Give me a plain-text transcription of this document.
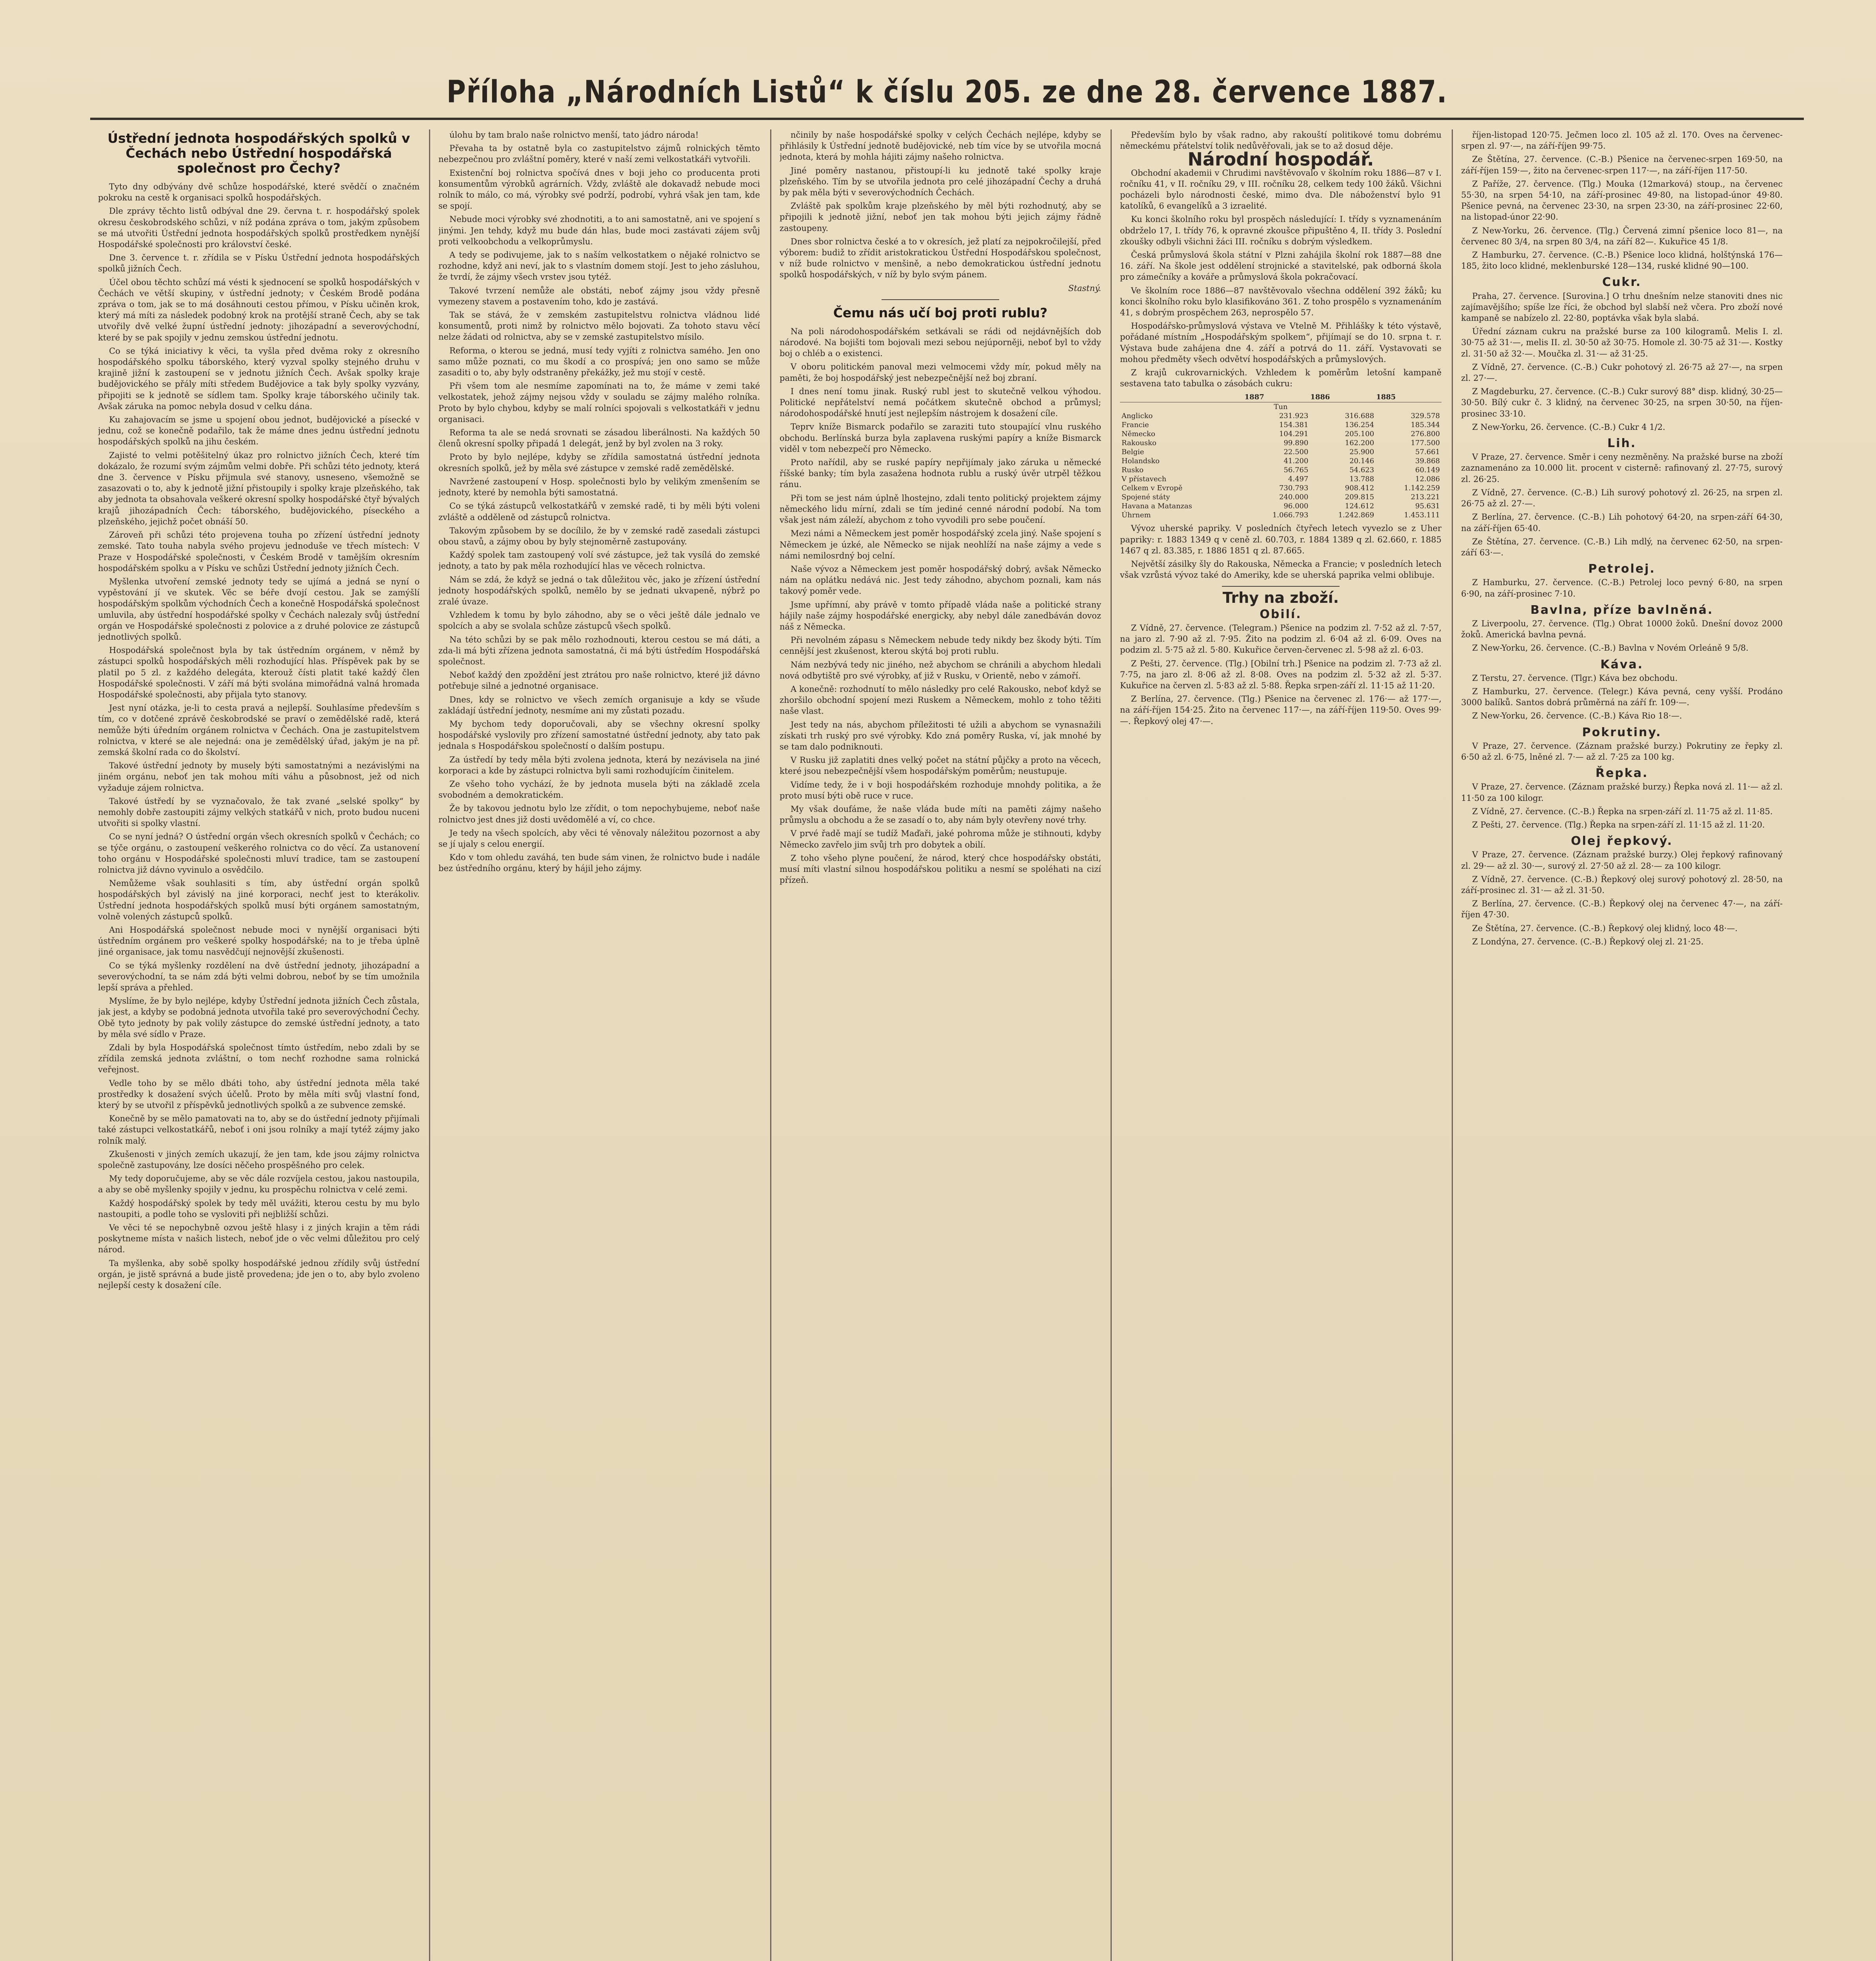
Příloha „Národních Listů“ k číslu 205. ze dne 28. července 1887.
Ústřední jednota hospodářských spolků v Čechách nebo Ústřední hospodářská společnost pro Čechy?

Tyto dny odbývány dvě schůze hospodářské, které svědčí o značném pokroku na cestě k organisaci spolků hospodářských.

Dle zprávy těchto listů odbýval dne 29. června t. r. hospodářský spolek okresu českobrodského schůzi, v níž podána zpráva o tom, jakým způsobem se má utvořiti Ústřední jednota hospodářských spolků prostředkem nynější Hospodářské společnosti pro království české.

Dne 3. července t. r. zřídila se v Písku Ústřední jednota hospodářských spolků jižních Čech.

Účel obou těchto schůzí má vésti k sjednocení se spolků hospodářských v Čechách ve větší skupiny, v ústřední jednoty; v Českém Brodě podána zpráva o tom, jak se to má dosáhnouti cestou přímou, v Písku učiněn krok, který má míti za následek podobný krok na protější straně Čech, aby se tak utvořily dvě velké župní ústřední jednoty: jihozápadní a severovýchodní, které by se pak spojily v jednu zemskou ústřední jednotu.

Co se týká iniciativy k věci, ta vyšla před dvěma roky z okresního hospodářského spolku táborského, který vyzval spolky stejného druhu v krajině jižní k zastoupení se v jednotu jižních Čech. Avšak spolky kraje budějovického se přály míti středem Budějovice a tak byly spolky vyzvány, připojiti se k jednotě se sídlem tam. Spolky kraje táborského učinily tak. Avšak záruka na pomoc nebyla dosud v celku dána.

Ku zahajovacím se jsme u spojení obou jednot, budějovické a písecké v jednu, což se konečně podařilo, tak že máme dnes jednu ústřední jednotu hospodářských spolků na jihu českém.

Zajisté to velmi potěšitelný úkaz pro rolnictvo jižních Čech, které tím dokázalo, že rozumí svým zájmům velmi dobře. Při schůzi této jednoty, která dne 3. července v Písku přijmula své stanovy, usneseno, všemožně se zasazovati o to, aby k jednotě jižní přistoupily i spolky kraje plzeňského, tak aby jednota ta obsahovala veškeré okresní spolky hospodářské čtyř bývalých krajů jihozápadních Čech: táborského, budějovického, píseckého a plzeňského, jejichž počet obnáší 50.

Zároveň při schůzi této projevena touha po zřízení ústřední jednoty zemské. Tato touha nabyla svého projevu jednoduše ve třech místech: V Praze v Hospodářské společnosti, v Českém Brodě v tamějším okresním hospodářském spolku a v Písku ve schůzi Ústřední jednoty jižních Čech.

Myšlenka utvoření zemské jednoty tedy se ujímá a jedná se nyní o vypěstování jí ve skutek. Věc se béře dvojí cestou. Jak se zamýšlí hospodářským spolkům východních Čech a konečně Hospodářská společnost umluvila, aby ústřední hospodářské spolky v Čechách nalezaly svůj ústřední orgán ve Hospodářské společnosti z polovice a z druhé polovice ze zástupců jednotlivých spolků.

Hospodářská společnost byla by tak ústředním orgánem, v němž by zástupci spolků hospodářských měli rozhodující hlas. Příspěvek pak by se platil po 5 zl. z každého delegáta, kterouž čísti platit také každý člen Hospodářské společnosti. V září má býti svolána mimořádná valná hromada Hospodářské společnosti, aby přijala tyto stanovy.

Jest nyní otázka, je-li to cesta pravá a nejlepší. Souhlasíme především s tím, co v dotčené zprávě českobrodské se praví o zemědělské radě, která nemůže býti úředním orgánem rolnictva v Čechách. Ona je zastupitelstvem rolnictva, v které se ale nejedná: ona je zemědělský úřad, jakým je na př. zemská školní rada co do školství.

Takové ústřední jednoty by musely býti samostatnými a nezávislými na jiném orgánu, neboť jen tak mohou míti váhu a působnost, jež od nich vyžaduje zájem rolnictva.

Takové ústředí by se vyznačovalo, že tak zvané „selské spolky“ by nemohly dobře zastoupiti zájmy velkých statkářů v nich, proto budou nuceni utvořiti si spolky vlastní.

Co se nyní jedná? O ústřední orgán všech okresních spolků v Čechách; co se týče orgánu, o zastoupení veškerého rolnictva co do věcí. Za ustanovení toho orgánu v Hospodářské společnosti mluví tradice, tam se zastoupení rolnictva již dávno vyvinulo a osvědčilo.

Nemůžeme však souhlasiti s tím, aby ústřední orgán spolků hospodářských byl závislý na jiné korporaci, nechť jest to kterákoliv. Ústřední jednota hospodářských spolků musí býti orgánem samostatným, volně volených zástupců spolků.

Ani Hospodářská společnost nebude moci v nynější organisaci býti ústředním orgánem pro veškeré spolky hospodářské; na to je třeba úplně jiné organisace, jak tomu nasvědčují nejnovější zkušenosti.

Co se týká myšlenky rozdělení na dvě ústřední jednoty, jihozápadní a severovýchodní, ta se nám zdá býti velmi dobrou, neboť by se tím umožnila lepší správa a přehled.

Myslíme, že by bylo nejlépe, kdyby Ústřední jednota jižních Čech zůstala, jak jest, a kdyby se podobná jednota utvořila také pro severovýchodní Čechy. Obě tyto jednoty by pak volily zástupce do zemské ústřední jednoty, a tato by měla své sídlo v Praze.

Zdali by byla Hospodářská společnost tímto ústředím, nebo zdali by se zřídila zemská jednota zvláštní, o tom nechť rozhodne sama rolnická veřejnost.

Vedle toho by se mělo dbáti toho, aby ústřední jednota měla také prostředky k dosažení svých účelů. Proto by měla míti svůj vlastní fond, který by se utvořil z příspěvků jednotlivých spolků a ze subvence zemské.

Konečně by se mělo pamatovati na to, aby se do ústřední jednoty přijímali také zástupci velkostatkářů, neboť i oni jsou rolníky a mají tytéž zájmy jako rolník malý.

Zkušenosti v jiných zemích ukazují, že jen tam, kde jsou zájmy rolnictva společně zastupovány, lze dosíci něčeho prospěšného pro celek.

My tedy doporučujeme, aby se věc dále rozvíjela cestou, jakou nastoupila, a aby se obě myšlenky spojily v jednu, ku prospěchu rolnictva v celé zemi.

Každý hospodářský spolek by tedy měl uvážiti, kterou cestu by mu bylo nastoupiti, a podle toho se vysloviti při nejbližší schůzi.

Ve věci té se nepochybně ozvou ještě hlasy i z jiných krajin a těm rádi poskytneme místa v našich listech, neboť jde o věc velmi důležitou pro celý národ.

Ta myšlenka, aby sobě spolky hospodářské jednou zřídily svůj ústřední orgán, je jistě správná a bude jistě provedena; jde jen o to, aby bylo zvoleno nejlepší cesty k dosažení cíle.

úlohu by tam bralo naše rolnictvo menší, tato jádro národa!

Převaha ta by ostatně byla co zastupitelstvo zájmů rolnických těmto nebezpečnou pro zvláštní poměry, které v naší zemi velkostatkáři vytvořili.

Existenční boj rolnictva spočívá dnes v boji jeho co producenta proti konsumentům výrobků agrárních. Vždy, zvláště ale dokavadž nebude moci rolník to málo, co má, výrobky své podrží, podrobí, vyhrá však jen tam, kde se spojí.

Nebude moci výrobky své zhodnotiti, a to ani samostatně, ani ve spojení s jinými. Jen tehdy, když mu bude dán hlas, bude moci zastávati zájem svůj proti velkoobchodu a velkoprůmyslu.

A tedy se podivujeme, jak to s naším velkostatkem o nějaké rolnictvo se rozhodne, když ani neví, jak to s vlastním domem stojí. Jest to jeho zásluhou, že tvrdí, že zájmy všech vrstev jsou tytéž.

Takové tvrzení nemůže ale obstáti, neboť zájmy jsou vždy přesně vymezeny stavem a postavením toho, kdo je zastává.

Tak se stává, že v zemském zastupitelstvu rolnictva vládnou lidé konsumentů, proti nimž by rolnictvo mělo bojovati. Za tohoto stavu věcí nelze žádati od rolnictva, aby se v zemské zastupitelstvo mísilo.

Reforma, o kterou se jedná, musí tedy vyjíti z rolnictva samého. Jen ono samo může poznati, co mu škodí a co prospívá; jen ono samo se může zasaditi o to, aby byly odstraněny překážky, jež mu stojí v cestě.

Při všem tom ale nesmíme zapomínati na to, že máme v zemi také velkostatek, jehož zájmy nejsou vždy v souladu se zájmy malého rolníka. Proto by bylo chybou, kdyby se malí rolníci spojovali s velkostatkáři v jednu organisaci.

Reforma ta ale se nedá srovnati se zásadou liberálnosti. Na každých 50 členů okresní spolky připadá 1 delegát, jenž by byl zvolen na 3 roky.

Proto by bylo nejlépe, kdyby se zřídila samostatná ústřední jednota okresních spolků, jež by měla své zástupce v zemské radě zemědělské.

Navržené zastoupení v Hosp. společnosti bylo by velikým zmenšením se jednoty, které by nemohla býti samostatná.

Co se týká zástupců velkostatkářů v zemské radě, ti by měli býti voleni zvláště a odděleně od zástupců rolnictva.

Takovým způsobem by se docílilo, že by v zemské radě zasedali zástupci obou stavů, a zájmy obou by byly stejnoměrně zastupovány.

Každý spolek tam zastoupený volí své zástupce, jež tak vysílá do zemské jednoty, a tato by pak měla rozhodující hlas ve věcech rolnictva.

Nám se zdá, že když se jedná o tak důležitou věc, jako je zřízení ústřední jednoty hospodářských spolků, nemělo by se jednati ukvapeně, nýbrž po zralé úvaze.

Vzhledem k tomu by bylo záhodno, aby se o věci ještě dále jednalo ve spolcích a aby se svolala schůze zástupců všech spolků.

Na této schůzi by se pak mělo rozhodnouti, kterou cestou se má dáti, a zda-li má býti zřízena jednota samostatná, či má býti ústředím Hospodářská společnost.

Neboť každý den zpoždění jest ztrátou pro naše rolnictvo, které již dávno potřebuje silné a jednotné organisace.

Dnes, kdy se rolnictvo ve všech zemích organisuje a kdy se všude zakládají ústřední jednoty, nesmíme ani my zůstati pozadu.

My bychom tedy doporučovali, aby se všechny okresní spolky hospodářské vyslovily pro zřízení samostatné ústřední jednoty, aby tato pak jednala s Hospodářskou společností o dalším postupu.

Za ústředí by tedy měla býti zvolena jednota, která by nezávisela na jiné korporaci a kde by zástupci rolnictva byli sami rozhodujícím činitelem.

Ze všeho toho vychází, že by jednota musela býti na základě zcela svobodném a demokratickém.

Že by takovou jednotu bylo lze zřídit, o tom nepochybujeme, neboť naše rolnictvo jest dnes již dosti uvědomělé a ví, co chce.

Je tedy na všech spolcích, aby věci té věnovaly náležitou pozornost a aby se jí ujaly s celou energií.

Kdo v tom ohledu zaváhá, ten bude sám vinen, že rolnictvo bude i nadále bez ústředního orgánu, který by hájil jeho zájmy.

nčinily by naše hospodářské spolky v celých Čechách nejlépe, kdyby se přihlásily k Ústřední jednotě budějovické, neb tím více by se utvořila mocná jednota, která by mohla hájiti zájmy našeho rolnictva.

Jiné poměry nastanou, přistoupí-li ku jednotě také spolky kraje plzeňského. Tím by se utvořila jednota pro celé jihozápadní Čechy a druhá by pak měla býti v severovýchodních Čechách.

Zvláště pak spolkům kraje plzeňského by měl býti rozhodnutý, aby se připojili k jednotě jižní, neboť jen tak mohou býti jejich zájmy řádně zastoupeny.

Dnes sbor rolnictva české a to v okresích, jež platí za nejpokročilejší, před výborem: budiž to zřídit aristokratickou Ústřední Hospodářskou společnost, v níž bude rolnictvo v menšině, a nebo demokratickou ústřední jednotu spolků hospodářských, v níž by bylo svým pánem.

Stastný.
Čemu nás učí boj proti rublu?

Na poli národohospodářském setkávali se rádi od nejdávnějších dob národové. Na bojišti tom bojovali mezi sebou nejúporněji, neboť byl to vždy boj o chléb a o existenci.

V oboru politickém panoval mezi velmocemi vždy mír, pokud měly na paměti, že boj hospodářský jest nebezpečnější než boj zbraní.

I dnes není tomu jinak. Ruský rubl jest to skutečně velkou výhodou. Politické nepřátelství nemá počátkem skutečně obchod a průmysl; národohospodářské hnutí jest nejlepším nástrojem k dosažení cíle.

Teprv kníže Bismarck podařilo se zaraziti tuto stoupající vlnu ruského obchodu. Berlínská burza byla zaplavena ruskými papíry a kníže Bismarck viděl v tom nebezpečí pro Německo.

Proto nařídil, aby se ruské papíry nepřijímaly jako záruka u německé říšské banky; tím byla zasažena hodnota rublu a ruský úvěr utrpěl těžkou ránu.

Při tom se jest nám úplně lhostejno, zdali tento politický projektem zájmy německého lidu mírní, zdali se tím jediné cenné národní podobí. Na tom však jest nám záleží, abychom z toho vyvodili pro sebe poučení.

Mezi námi a Německem jest poměr hospodářský zcela jiný. Naše spojení s Německem je úzké, ale Německo se nijak neohlíží na naše zájmy a vede s námi nemilosrdný boj celní.

Naše vývoz a Německem jest poměr hospodářský dobrý, avšak Německo nám na oplátku nedává nic. Jest tedy záhodno, abychom poznali, kam nás takový poměr vede.

Jsme upřímní, aby právě v tomto případě vláda naše a politické strany hájily naše zájmy hospodářské energicky, aby nebyl dále zanedbáván dovoz náš z Německa.

Při nevolném zápasu s Německem nebude tedy nikdy bez škody býti. Tím cennější jest zkušenost, kterou skýtá boj proti rublu.

Nám nezbývá tedy nic jiného, než abychom se chránili a abychom hledali nová odbytiště pro své výrobky, ať již v Rusku, v Orientě, nebo v zámoří.

A konečně: rozhodnutí to mělo následky pro celé Rakousko, neboť když se zhoršilo obchodní spojení mezi Ruskem a Německem, mohlo z toho těžiti naše vlast.

Jest tedy na nás, abychom příležitosti té užili a abychom se vynasnažili získati trh ruský pro své výrobky. Kdo zná poměry Ruska, ví, jak mnohé by se tam dalo podniknouti.

V Rusku již zaplatiti dnes velký počet na státní půjčky a proto na věcech, které jsou nebezpečnější všem hospodářským poměrům; neustupuje.

Vidíme tedy, že i v boji hospodářském rozhoduje mnohdy politika, a že proto musí býti obě ruce v ruce.

My však doufáme, že naše vláda bude míti na paměti zájmy našeho průmyslu a obchodu a že se zasadí o to, aby nám byly otevřeny nové trhy.

V prvé řadě mají se tudíž Maďaři, jaké pohroma může je stihnouti, kdyby Německo zavřelo jim svůj trh pro dobytek a obilí.

Z toho všeho plyne poučení, že národ, který chce hospodářsky obstáti, musí míti vlastní silnou hospodářskou politiku a nesmí se spoléhati na cizí přízeň.

Především bylo by však radno, aby rakouští politikové tomu dobrému německému přátelství tolik nedůvěřovali, jak se to až dosud děje.

Národní hospodář.

Obchodní akademii v Chrudimi navštěvovalo v školním roku 1886—87 v I. ročníku 41, v II. ročníku 29, v III. ročníku 28, celkem tedy 100 žáků. Všichni pocházeli bylo národnosti české, mimo dva. Dle náboženství bylo 91 katolíků, 6 evangelíků a 3 izraelité.

Ku konci školního roku byl prospěch následující: I. třídy s vyznamenáním obdrželo 17, I. třídy 76, k opravné zkoušce připuštěno 4, II. třídy 3. Poslední zkoušky odbyli všichni žáci III. ročníku s dobrým výsledkem.

Česká průmyslová škola státní v Plzni zahájila školní rok 1887—88 dne 16. září. Na škole jest oddělení strojnické a stavitelské, pak odborná škola pro zámečníky a kováře a průmyslová škola pokračovací.

Ve školním roce 1886—87 navštěvovalo všechna oddělení 392 žáků; ku konci školního roku bylo klasifikováno 361. Z toho prospělo s vyznamenáním 41, s dobrým prospěchem 263, neprospělo 57.

Hospodářsko-průmyslová výstava ve Vtelně M. Přihlášky k této výstavě, pořádané místním „Hospodářským spolkem“, přijímají se do 10. srpna t. r. Výstava bude zahájena dne 4. září a potrvá do 11. září. Vystavovati se mohou předměty všech odvětví hospodářských a průmyslových.

Z krajů cukrovarnických. Vzhledem k poměrům letošní kampaně sestavena tato tabulka o zásobách cukru:

	1887	1886	1885
Tun			
Anglicko	231.923	316.688	329.578
Francie	154.381	136.254	185.344
Německo	104.291	205.100	276.800
Rakousko	99.890	162.200	177.500
Belgie	22.500	25.900	57.661
Holandsko	41.200	20.146	39.868
Rusko	56.765	54.623	60.149
V přístavech	4.497	13.788	12.086
Celkem v Evropě	730.793	908.412	1.142.259
Spojené státy	240.000	209.815	213.221
Havana a Matanzas	96.000	124.612	95.631
Úhrnem	1.066.793	1.242.869	1.453.111

Vývoz uherské papriky. V posledních čtyřech letech vyvezlo se z Uher papriky: r. 1883 1349 q v ceně zl. 60.703, r. 1884 1389 q zl. 62.660, r. 1885 1467 q zl. 83.385, r. 1886 1851 q zl. 87.665.

Největší zásilky šly do Rakouska, Německa a Francie; v posledních letech však vzrůstá vývoz také do Ameriky, kde se uherská paprika velmi oblibuje.

Trhy na zboží.
Obilí.

Z Vídně, 27. července. (Telegram.) Pšenice na podzim zl. 7·52 až zl. 7·57, na jaro zl. 7·90 až zl. 7·95. Žito na podzim zl. 6·04 až zl. 6·09. Oves na podzim zl. 5·75 až zl. 5·80. Kukuřice červen-červenec zl. 5·98 až zl. 6·03.

Z Pešti, 27. července. (Tlg.) [Obilní trh.] Pšenice na podzim zl. 7·73 až zl. 7·75, na jaro zl. 8·06 až zl. 8·08. Oves na podzim zl. 5·32 až zl. 5·37. Kukuřice na červen zl. 5·83 až zl. 5·88. Řepka srpen-září zl. 11·15 až 11·20.

Z Berlína, 27. července. (Tlg.) Pšenice na červenec zl. 176·— až 177·—, na září-říjen 154·25. Žito na červenec 117·—, na září-říjen 119·50. Oves 99·—. Řepkový olej 47·—.

říjen-listopad 120·75. Ječmen loco zl. 105 až zl. 170. Oves na červenec-srpen zl. 97·—, na září-říjen 99·75.

Ze Štětína, 27. července. (C.-B.) Pšenice na červenec-srpen 169·50, na září-říjen 159·—, žito na červenec-srpen 117·—, na září-říjen 117·50.

Z Paříže, 27. července. (Tlg.) Mouka (12marková) stoup., na červenec 55·30, na srpen 54·10, na září-prosinec 49·80, na listopad-únor 49·80. Pšenice pevná, na červenec 23·30, na srpen 23·30, na září-prosinec 22·60, na listopad-únor 22·90.

Z New-Yorku, 26. července. (Tlg.) Červená zimní pšenice loco 81—, na červenec 80 3/4, na srpen 80 3/4, na září 82—. Kukuřice 45 1/8.

Z Hamburku, 27. července. (C.-B.) Pšenice loco klidná, holštýnská 176—185, žito loco klidné, meklenburské 128—134, ruské klidné 90—100.

Cukr.

Praha, 27. července. [Surovina.] O trhu dnešním nelze stanoviti dnes nic zajímavějšího; spíše lze říci, že obchod byl slabší než včera. Pro zboží nové kampaně se nabízelo zl. 22·80, poptávka však byla slabá.

Úřední záznam cukru na pražské burse za 100 kilogramů. Melis I. zl. 30·75 až 31·—, melis II. zl. 30·50 až 30·75. Homole zl. 30·75 až 31·—. Kostky zl. 31·50 až 32·—. Moučka zl. 31·— až 31·25.

Z Vídně, 27. července. (C.-B.) Cukr pohotový zl. 26·75 až 27·—, na srpen zl. 27·—.

Z Magdeburku, 27. července. (C.-B.) Cukr surový 88° disp. klidný, 30·25—30·50. Bílý cukr č. 3 klidný, na červenec 30·25, na srpen 30·50, na říjen-prosinec 33·10.

Z New-Yorku, 26. července. (C.-B.) Cukr 4 1/2.

Lih.

V Praze, 27. července. Směr i ceny nezměněny. Na pražské burse na zboží zaznamenáno za 10.000 lit. procent v cisterně: rafinovaný zl. 27·75, surový zl. 26·25.

Z Vídně, 27. července. (C.-B.) Lih surový pohotový zl. 26·25, na srpen zl. 26·75 až zl. 27·—.

Z Berlína, 27. července. (C.-B.) Lih pohotový 64·20, na srpen-září 64·30, na září-říjen 65·40.

Ze Štětína, 27. července. (C.-B.) Lih mdlý, na červenec 62·50, na srpen-září 63·—.

Petrolej.

Z Hamburku, 27. července. (C.-B.) Petrolej loco pevný 6·80, na srpen 6·90, na září-prosinec 7·10.

Bavlna, příze bavlněná.

Z Liverpoolu, 27. července. (Tlg.) Obrat 10000 žoků. Dnešní dovoz 2000 žoků. Americká bavlna pevná.

Z New-Yorku, 26. července. (C.-B.) Bavlna v Novém Orleáně 9 5/8.

Káva.

Z Terstu, 27. července. (Tlgr.) Káva bez obchodu.

Z Hamburku, 27. července. (Telegr.) Káva pevná, ceny vyšší. Prodáno 3000 balíků. Santos dobrá průměrná na září fr. 109·—.

Z New-Yorku, 26. července. (C.-B.) Káva Rio 18·—.

Pokrutiny.

V Praze, 27. července. (Záznam pražské burzy.) Pokrutiny ze řepky zl. 6·50 až zl. 6·75, lněné zl. 7·— až zl. 7·25 za 100 kg.

Řepka.

V Praze, 27. července. (Záznam pražské burzy.) Řepka nová zl. 11·— až zl. 11·50 za 100 kilogr.

Z Vídně, 27. července. (C.-B.) Řepka na srpen-září zl. 11·75 až zl. 11·85.

Z Pešti, 27. července. (Tlg.) Řepka na srpen-září zl. 11·15 až zl. 11·20.

Olej řepkový.

V Praze, 27. července. (Záznam pražské burzy.) Olej řepkový rafinovaný zl. 29·— až zl. 30·—, surový zl. 27·50 až zl. 28·— za 100 kilogr.

Z Vídně, 27. července. (C.-B.) Řepkový olej surový pohotový zl. 28·50, na září-prosinec zl. 31·— až zl. 31·50.

Z Berlína, 27. července. (C.-B.) Řepkový olej na červenec 47·—, na září-říjen 47·30.

Ze Štětína, 27. července. (C.-B.) Řepkový olej klidný, loco 48·—.

Z Londýna, 27. července. (C.-B.) Řepkový olej zl. 21·25.
